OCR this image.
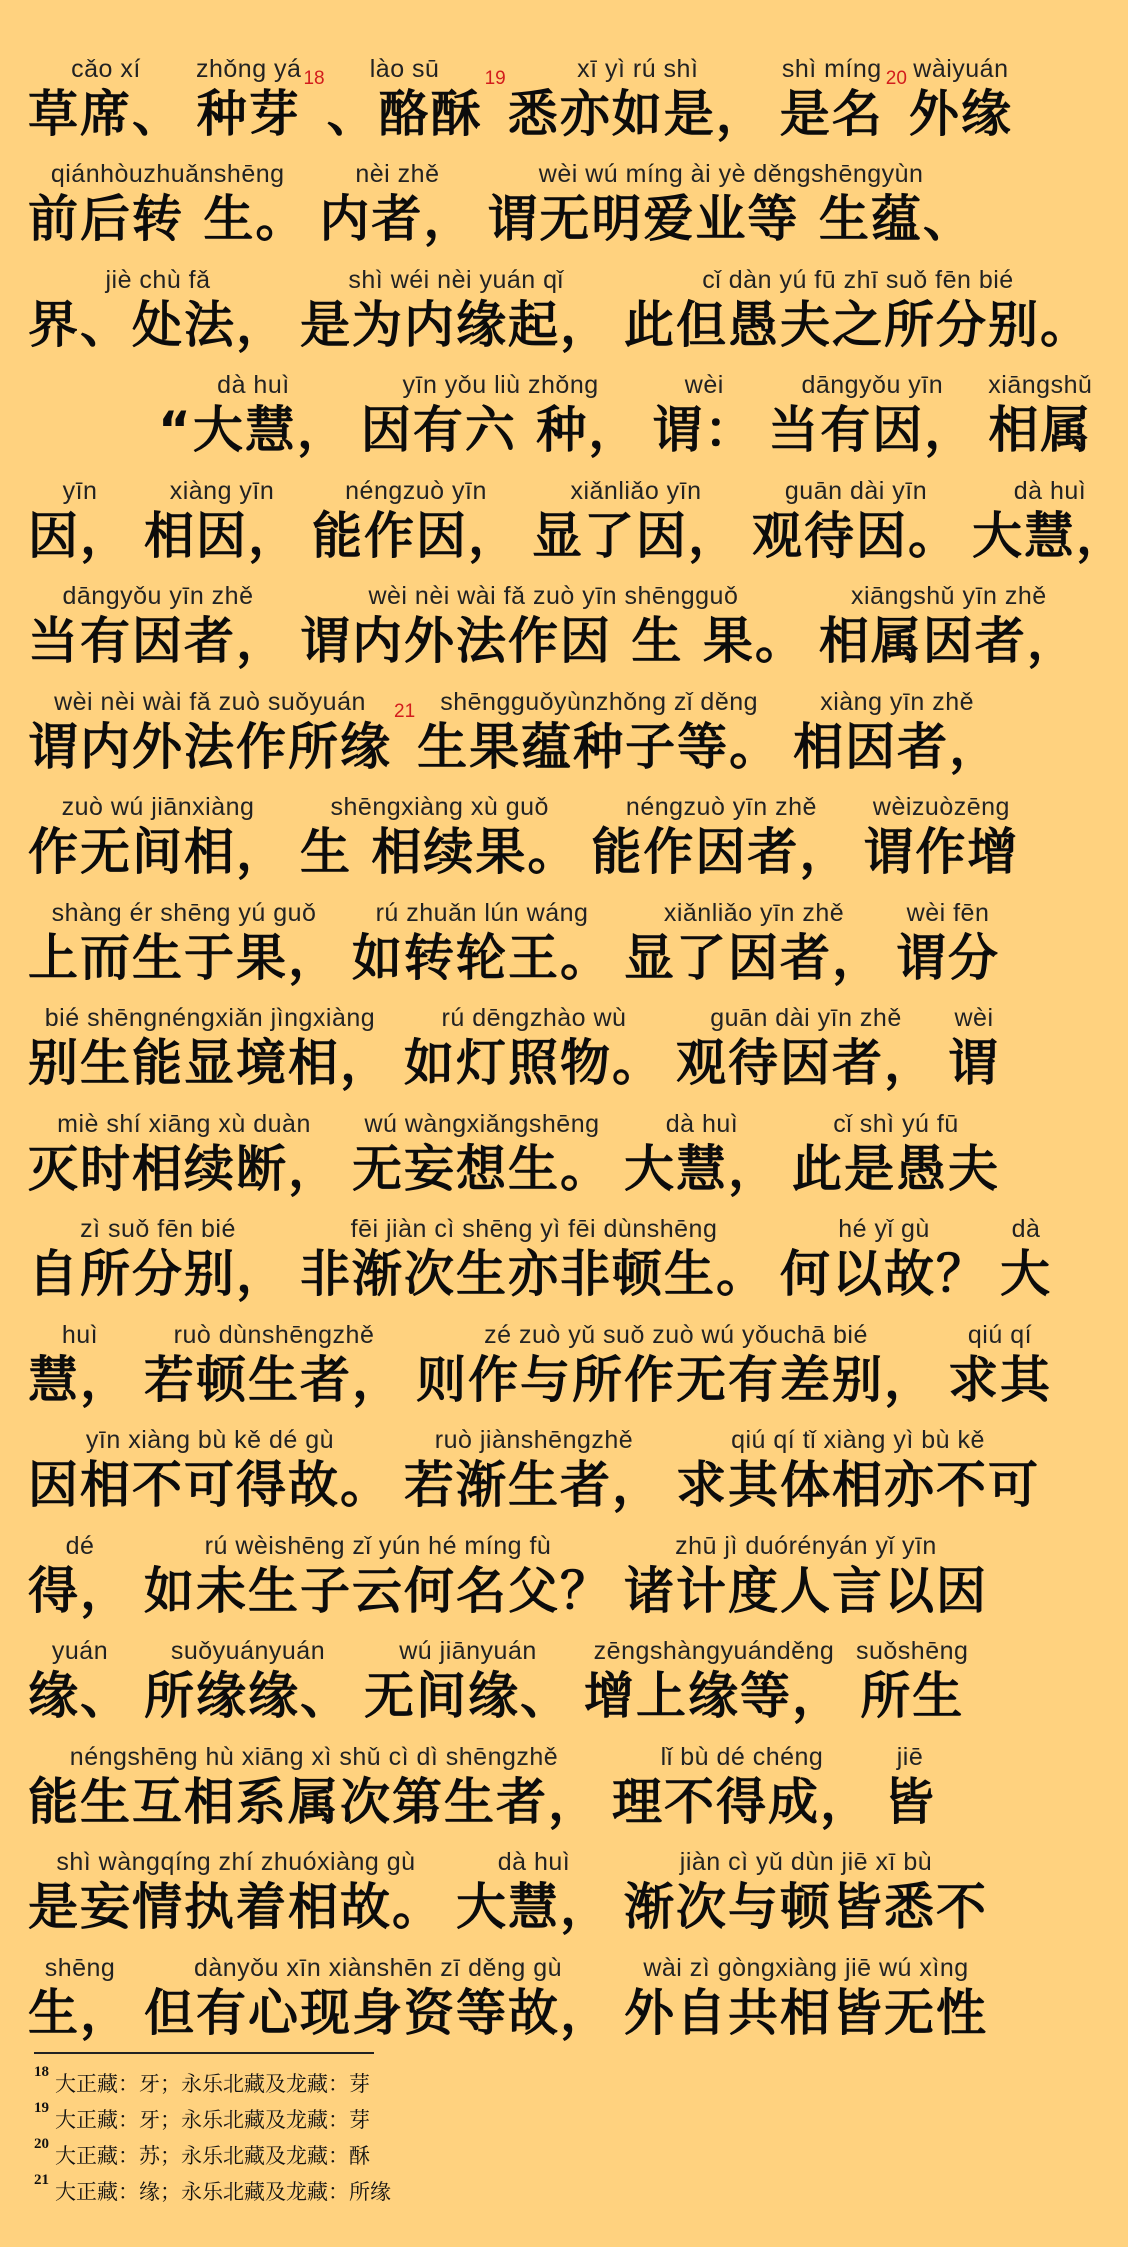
cǎo xí
草席、
zhǒng yá
种芽
18 lào sū
、酪酥
19	xī yì rú shì
悉亦如是，
shì míng
是名
20 wàiyuán
外缘
qiánhòuzhuǎnshēng
前后转 生。
nèi zhě
内者，
wèi wú míng ài yè děngshēngyùn
谓无明爱业等 生蕴、
jiè chù fǎ
界、处法，
shì wéi nèi yuán qǐ
是为内缘起，
cǐ dàn yú fū zhī suǒ fēn bié
此但愚夫之所分别。
dà huì
“大慧，
yīn yǒu liù zhǒng
因有六 种，
wèi
谓：
dāngyǒu yīn
当有因，
xiāngshǔ
相属
yīn
因，
xiàng yīn
相因，
néngzuò yīn
能作因，
xiǎnliǎo yīn
显了因，
guān dài yīn
观待因。
dà huì
大慧，
dāngyǒu yīn zhě
当有因者，
wèi nèi wài fǎ zuò yīn shēngguǒ
谓内外法作因 生 果。
xiāngshǔ yīn zhě
相属因者，
wèi nèi wài fǎ zuò suǒyuán
谓内外法作所缘
21 shēngguǒyùnzhǒng zǐ děng
生果蕴种子等。
xiàng yīn zhě
相因者，
zuò wú jiānxiàng
作无间相，
shēngxiàng xù guǒ
生 相续果。
néngzuò yīn zhě
能作因者，
wèizuòzēng
谓作增
shàng ér shēng yú guǒ
上而生于果，
rú zhuǎn lún wáng
如转轮王。
xiǎnliǎo yīn zhě
显了因者，
wèi fēn
谓分
bié shēngnéngxiǎn jìngxiàng
别生能显境相，
rú dēngzhào wù
如灯照物。
guān dài yīn zhě
观待因者，
wèi
谓
miè shí xiāng xù duàn
灭时相续断，
wú wàngxiǎngshēng
无妄想生。
dà huì
大慧，
cǐ shì yú fū
此是愚夫
zì suǒ fēn bié
自所分别，
fēi jiàn cì shēng yì fēi dùnshēng
非渐次生亦非顿生。
hé yǐ gù
何以故？
dà
大
huì
慧，
ruò dùnshēngzhě
若顿生者，
zé zuò yǔ suǒ zuò wú yǒuchā bié
则作与所作无有差别，
qiú qí
求其
yīn xiàng bù kě dé gù
因相不可得故。
ruò jiànshēngzhě
若渐生者，
qiú qí tǐ xiàng yì bù kě
求其体相亦不可
dé
得，
rú wèishēng zǐ yún hé míng fù
如未生子云何名父？
zhū jì duórényán yǐ yīn
诸计度人言以因
yuán
缘、
suǒyuányuán
所缘缘、
wú jiānyuán
无间缘、
zēngshàngyuánděng
增上缘等，
suǒshēng
所生
néngshēng hù xiāng xì shǔ cì dì shēngzhě
能生互相系属次第生者，
lǐ bù dé chéng
理不得成，
jiē
皆
shì wàngqíng zhí zhuóxiàng gù
是妄情执着相故。
dà huì
大慧，
jiàn cì yǔ dùn jiē xī bù
渐次与顿皆悉不
shēng
生，
dànyǒu xīn xiànshēn zī děng gù
但有心现身资等故，
wài zì gòngxiàng jiē wú xìng
外自共相皆无性
$^{18}$ 大正藏：牙；永乐北藏及龙藏：芽
$^{19}$ 大正藏：牙；永乐北藏及龙藏：芽
$^{20}$ 大正藏：苏；永乐北藏及龙藏：酥
$^{21}$ 大正藏：缘；永乐北藏及龙藏：所缘
